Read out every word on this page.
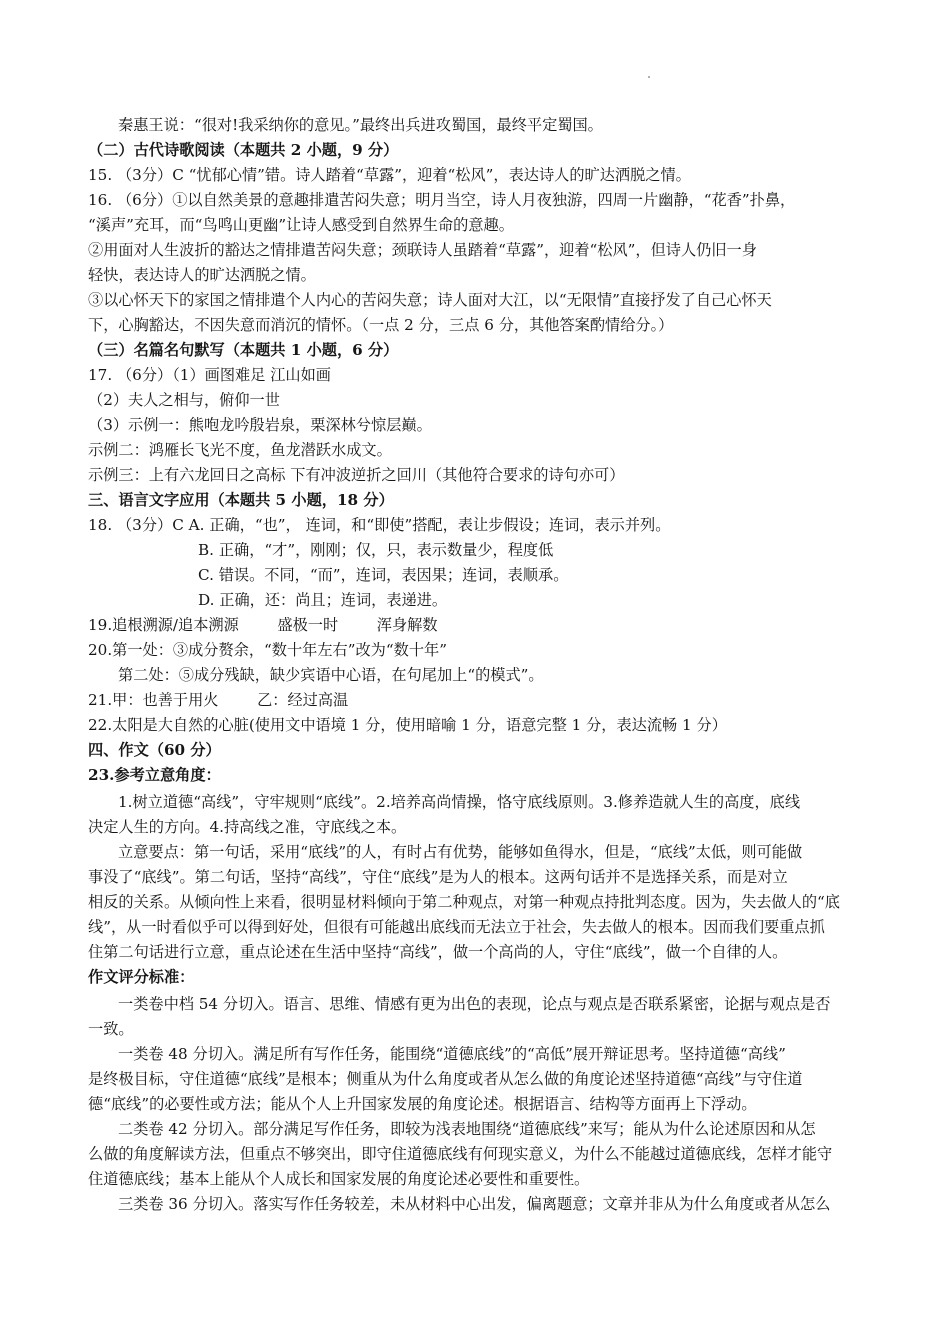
秦惠王说：“很对!我采纳你的意见。”最终出兵进攻蜀国，最终平定蜀国。
（二）古代诗歌阅读（本题共 2 小题，9 分）
15. （3分）C “忧郁心情”错。诗人踏着“草露”，迎着“松风”，表达诗人的旷达洒脱之情。
16. （6分）①以自然美景的意趣排遣苦闷失意；明月当空，诗人月夜独游，四周一片幽静，“花香”扑鼻，
“溪声”充耳，而“鸟鸣山更幽”让诗人感受到自然界生命的意趣。
②用面对人生波折的豁达之情排遣苦闷失意；颈联诗人虽踏着“草露”，迎着“松风”，但诗人仍旧一身
轻快，表达诗人的旷达洒脱之情。
③以心怀天下的家国之情排遣个人内心的苦闷失意；诗人面对大江，以“无限情”直接抒发了自己心怀天
下，心胸豁达，不因失意而消沉的情怀。（一点 2 分，三点 6 分，其他答案酌情给分。）
（三）名篇名句默写（本题共 1 小题，6 分）
17. （6分）（1）画图难足 江山如画
（2）夫人之相与，俯仰一世
（3）示例一：熊咆龙吟殷岩泉，栗深林兮惊层巅。
示例二：鸿雁长飞光不度，鱼龙潜跃水成文。
示例三：上有六龙回日之高标 下有冲波逆折之回川（其他符合要求的诗句亦可）
三、语言文字应用（本题共 5 小题，18 分）
18. （3分）C A. 正确，“也”， 连词，和“即使”搭配，表让步假设；连词，表示并列。
B. 正确，“才”，刚刚；仅，只，表示数量少，程度低
C. 错误。不同，“而”，连词，表因果；连词，表顺承。
D. 正确，还：尚且；连词，表递进。
19.追根溯源/追本溯源        盛极一时        浑身解数
20.第一处：③成分赘余，“数十年左右”改为“数十年”
第二处：⑤成分残缺，缺少宾语中心语，在句尾加上“的模式”。
21.甲：也善于用火        乙：经过高温
22.太阳是大自然的心脏(使用文中语境 1 分，使用暗喻 1 分，语意完整 1 分，表达流畅 1 分）
四、作文（60 分）
23.参考立意角度：
1.树立道德“高线”，守牢规则“底线”。2.培养高尚情操，恪守底线原则。3.修养造就人生的高度，底线
决定人生的方向。4.持高线之准，守底线之本。
立意要点：第一句话，采用“底线”的人，有时占有优势，能够如鱼得水，但是，“底线”太低，则可能做
事没了“底线”。第二句话，坚持“高线”，守住“底线”是为人的根本。这两句话并不是选择关系，而是对立
相反的关系。从倾向性上来看，很明显材料倾向于第二种观点，对第一种观点持批判态度。因为，失去做人的“底
线”，从一时看似乎可以得到好处，但很有可能越出底线而无法立于社会，失去做人的根本。因而我们要重点抓
住第二句话进行立意，重点论述在生活中坚持“高线”，做一个高尚的人，守住“底线”，做一个自律的人。
作文评分标准：
一类卷中档 54 分切入。语言、思维、情感有更为出色的表现，论点与观点是否联系紧密，论据与观点是否
一致。
一类卷 48 分切入。满足所有写作任务，能围绕“道德底线”的“高低”展开辩证思考。坚持道德“高线”
是终极目标，守住道德“底线”是根本；侧重从为什么角度或者从怎么做的角度论述坚持道德“高线”与守住道
德“底线”的必要性或方法；能从个人上升国家发展的角度论述。根据语言、结构等方面再上下浮动。
二类卷 42 分切入。部分满足写作任务，即较为浅表地围绕“道德底线”来写；能从为什么论述原因和从怎
么做的角度解读方法，但重点不够突出，即守住道德底线有何现实意义，为什么不能越过道德底线，怎样才能守
住道德底线；基本上能从个人成长和国家发展的角度论述必要性和重要性。
三类卷 36 分切入。落实写作任务较差，未从材料中心出发，偏离题意；文章并非从为什么角度或者从怎么
